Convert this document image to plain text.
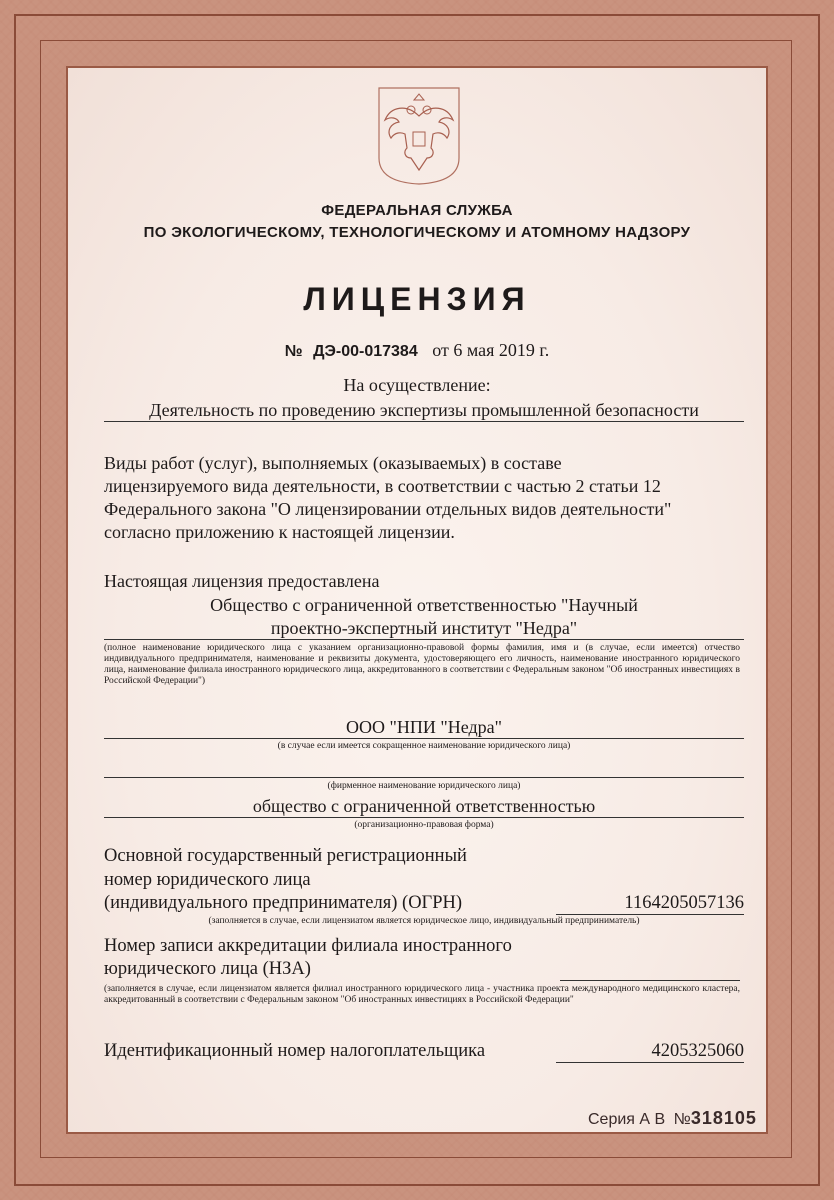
ФЕДЕРАЛЬНАЯ СЛУЖБА
ПО ЭКОЛОГИЧЕСКОМУ, ТЕХНОЛОГИЧЕСКОМУ И АТОМНОМУ НАДЗОРУ
ЛИЦЕНЗИЯ
№ ДЭ-00-017384 от 6 мая 2019 г.
На осуществление:
Деятельность по проведению экспертизы промышленной безопасности
Виды работ (услуг), выполняемых (оказываемых) в составе
лицензируемого вида деятельности, в соответствии с частью 2 статьи 12
Федерального закона "О лицензировании отдельных видов деятельности"
согласно приложению к настоящей лицензии.
Настоящая лицензия предоставлена
Общество с ограниченной ответственностью "Научный
проектно-экспертный институт "Недра"
(полное наименование юридического лица с указанием организационно-правовой формы фамилия, имя и (в случае, если имеется) отчество индивидуального предпринимателя, наименование и реквизиты документа, удостоверяющего его личность, наименование иностранного юридического лица, наименование филиала иностранного юридического лица, аккредитованного в соответствии с Федеральным законом "Об иностранных инвестициях в Российской Федерации")
ООО "НПИ "Недра"
(в случае если имеется сокращенное наименование юридического лица)
(фирменное наименование юридического лица)
общество с ограниченной ответственностью
(организационно-правовая форма)
Основной государственный регистрационный
номер юридического лица
(индивидуального предпринимателя) (ОГРН)	1164205057136
(заполняется в случае, если лицензиатом является юридическое лицо, индивидуальный предприниматель)
Номер записи аккредитации филиала иностранного
юридического лица (НЗА)
(заполняется в случае, если лицензиатом является филиал иностранного юридического лица - участника проекта международного медицинского кластера, аккредитованный в соответствии с Федеральным законом "Об иностранных инвестициях в Российской Федерации"
Идентификационный номер налогоплательщика	4205325060
Серия А В №318105
